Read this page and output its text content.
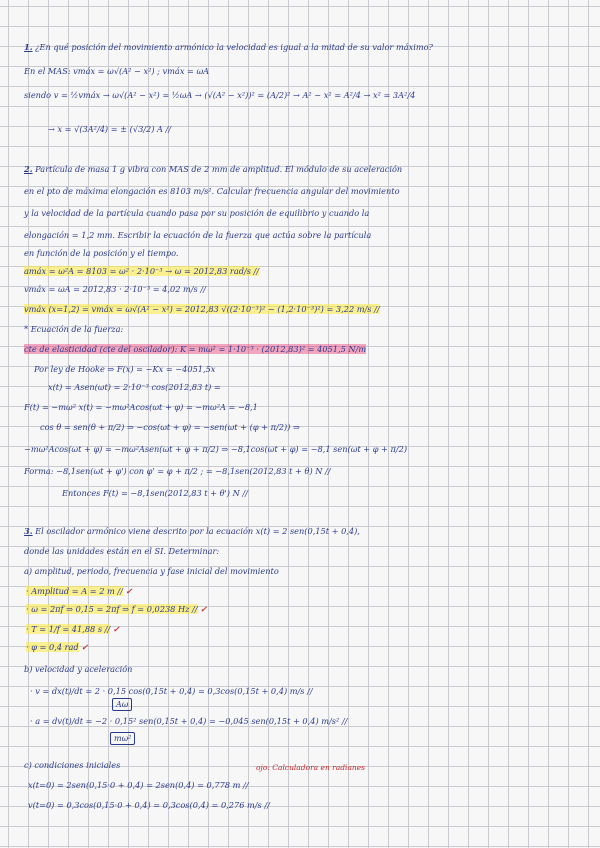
1. ¿En qué posición del movimiento armónico la velocidad es igual a la mitad de su valor máximo?
En el MAS: vmáx = ω√(A² − x²) ; vmáx = ωA
siendo v = ½vmáx → ω√(A² − x²) = ½ωA → (√(A² − x²))² = (A/2)² → A² − x² = A²/4 → x² = 3A²/4
→ x = √(3A²/4) = ± (√3/2) A //
2. Partícula de masa 1 g vibra con MAS de 2 mm de amplitud. El módulo de su aceleración
en el pto de máxima elongación es 8103 m/s². Calcular frecuencia angular del movimiento
y la velocidad de la partícula cuando pasa por su posición de equilibrio y cuando la
elongación = 1,2 mm. Escribir la ecuación de la fuerza que actúa sobre la partícula
en función de la posición y el tiempo.
amáx = ω²A = 8103 = ω² · 2·10⁻³ → ω = 2012,83 rad/s //
vmáx = ωA = 2012,83 · 2·10⁻³ = 4,02 m/s //
vmáx (x=1,2) = vmáx = ω√(A² − x²) = 2012,83 √((2·10⁻³)² − (1,2·10⁻³)²) = 3,22 m/s //
* Ecuación de la fuerza:
cte de elasticidad (cte del oscilador): K = mω² = 1·10⁻³ · (2012,83)² = 4051,5 N/m
Por ley de Hooke ⇒ F(x) = −Kx = −4051,5x
x(t) = Asen(ωt) = 2·10⁻³ cos(2012,83 t) =
F(t) = −mω² x(t) = −mω²Acos(ωt + φ) = −mω²A = −8,1
cos θ = sen(θ + π/2) ⇒ −cos(ωt + φ) = −sen(ωt + (φ + π/2)) ⇒
−mω²Acos(ωt + φ) = −mω²Asen(ωt + φ + π/2) ⇒ −8,1cos(ωt + φ) = −8,1 sen(ωt + φ + π/2)
Forma: −8,1sen(ωt + φ') con φ' = φ + π/2 ; = −8,1sen(2012,83 t + θ) N //
Entonces F(t) = −8,1sen(2012,83 t + θ') N //
3. El oscilador armónico viene descrito por la ecuación x(t) = 2 sen(0,15t + 0,4),
donde las unidades están en el SI. Determinar:
a) amplitud, periodo, frecuencia y fase inicial del movimiento
· Amplitud = A = 2 m // ✓
· ω = 2πf ⇒ 0,15 = 2πf ⇒ f = 0,0238 Hz // ✓
· T = 1/f = 41,88 s // ✓
· φ = 0,4 rad ✓
b) velocidad y aceleración
· v = dx(t)/dt = 2 · 0,15 cos(0,15t + 0,4) = 0,3cos(0,15t + 0,4) m/s //
Aω
· a = dv(t)/dt = −2 · 0,15² sen(0,15t + 0,4) = −0,045 sen(0,15t + 0,4) m/s² //
mω²
c) condiciones iniciales	ojo: Calculadora en radianes
x(t=0) = 2sen(0,15·0 + 0,4) = 2sen(0,4) = 0,778 m //
v(t=0) = 0,3cos(0,15·0 + 0,4) = 0,3cos(0,4) = 0,276 m/s //
